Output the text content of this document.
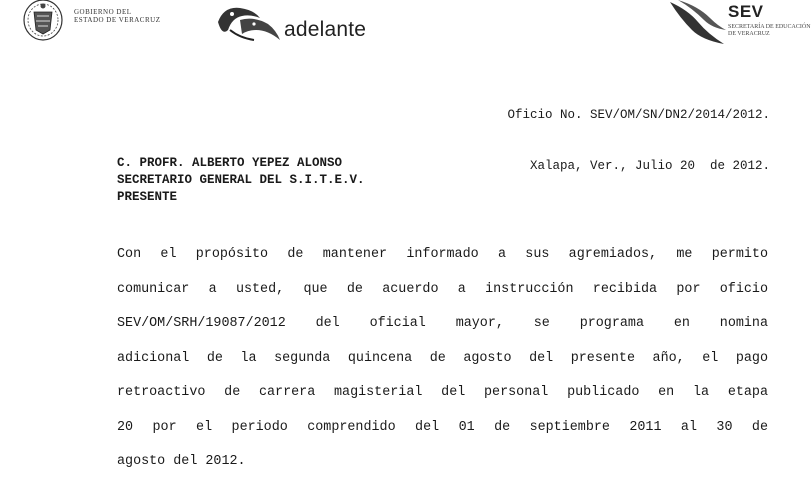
GOBIERNO DEL
ESTADO DE VERACRUZ	adelante
SEV
SECRETARÍA DE EDUCACIÓN
DE VERACRUZ

Oficio No. SEV/OM/SN/DN2/2014/2012.

Xalapa, Ver., Julio 20  de 2012.

C. PROFR. ALBERTO YEPEZ ALONSO
SECRETARIO GENERAL DEL S.I.T.E.V.
PRESENTE
Con el propósito de mantener informado a sus agremiados, me permito
comunicar a usted, que de acuerdo a instrucción recibida por oficio
SEV/OM/SRH/19087/2012 del oficial mayor, se programa en nomina
adicional de la segunda quincena de agosto del presente año, el pago
retroactivo de carrera magisterial del personal publicado en la etapa
20 por el periodo comprendido del 01 de septiembre 2011 al 30 de
agosto del 2012.
